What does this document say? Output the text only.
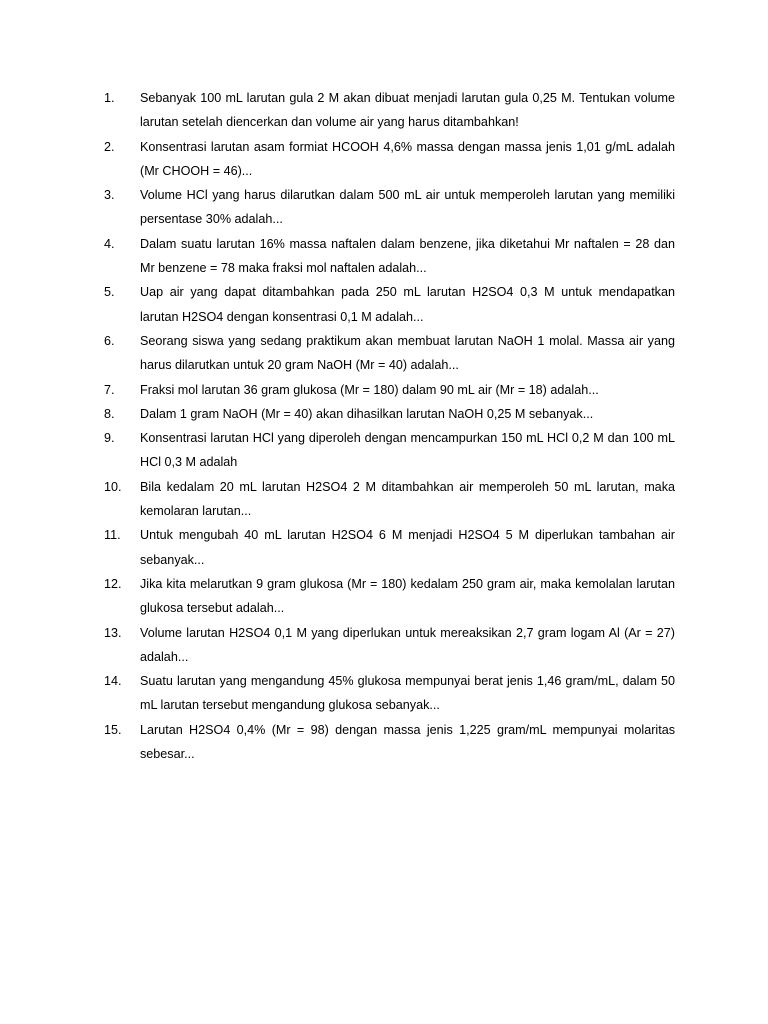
1.	Sebanyak 100 mL larutan gula 2 M akan dibuat menjadi larutan gula 0,25 M. Tentukan volume larutan setelah diencerkan dan volume air yang harus ditambahkan!
2.	Konsentrasi larutan asam formiat HCOOH 4,6% massa dengan massa jenis 1,01 g/mL adalah (Mr CHOOH = 46)...
3.	Volume HCl yang harus dilarutkan dalam 500 mL air untuk memperoleh larutan yang memiliki persentase 30% adalah...
4.	Dalam suatu larutan 16% massa naftalen dalam benzene, jika diketahui Mr naftalen = 28 dan Mr benzene = 78 maka fraksi mol naftalen adalah...
5.	Uap air yang dapat ditambahkan pada 250 mL larutan H2SO4 0,3 M untuk mendapatkan larutan H2SO4 dengan konsentrasi 0,1 M adalah...
6.	Seorang siswa yang sedang praktikum akan membuat larutan NaOH 1 molal. Massa air yang harus dilarutkan untuk 20 gram NaOH (Mr = 40) adalah...
7.	Fraksi mol larutan 36 gram glukosa (Mr = 180) dalam 90 mL air (Mr = 18) adalah...
8.	Dalam 1 gram NaOH (Mr = 40) akan dihasilkan larutan NaOH 0,25 M sebanyak...
9.	Konsentrasi larutan HCl yang diperoleh dengan mencampurkan 150 mL HCl 0,2 M dan 100 mL HCl 0,3 M adalah
10.	Bila kedalam 20 mL larutan H2SO4 2 M ditambahkan air memperoleh 50 mL larutan, maka kemolaran larutan...
11.	Untuk mengubah 40 mL larutan H2SO4 6 M menjadi H2SO4 5 M diperlukan tambahan air sebanyak...
12.	Jika kita melarutkan 9 gram glukosa (Mr = 180) kedalam 250 gram air, maka kemolalan larutan glukosa tersebut adalah...
13.	Volume larutan H2SO4 0,1 M yang diperlukan untuk mereaksikan 2,7 gram logam Al (Ar = 27) adalah...
14.	Suatu larutan yang mengandung 45% glukosa mempunyai berat jenis 1,46 gram/mL, dalam 50 mL larutan tersebut mengandung glukosa sebanyak...
15.	Larutan H2SO4 0,4% (Mr = 98) dengan massa jenis 1,225 gram/mL mempunyai molaritas sebesar...
